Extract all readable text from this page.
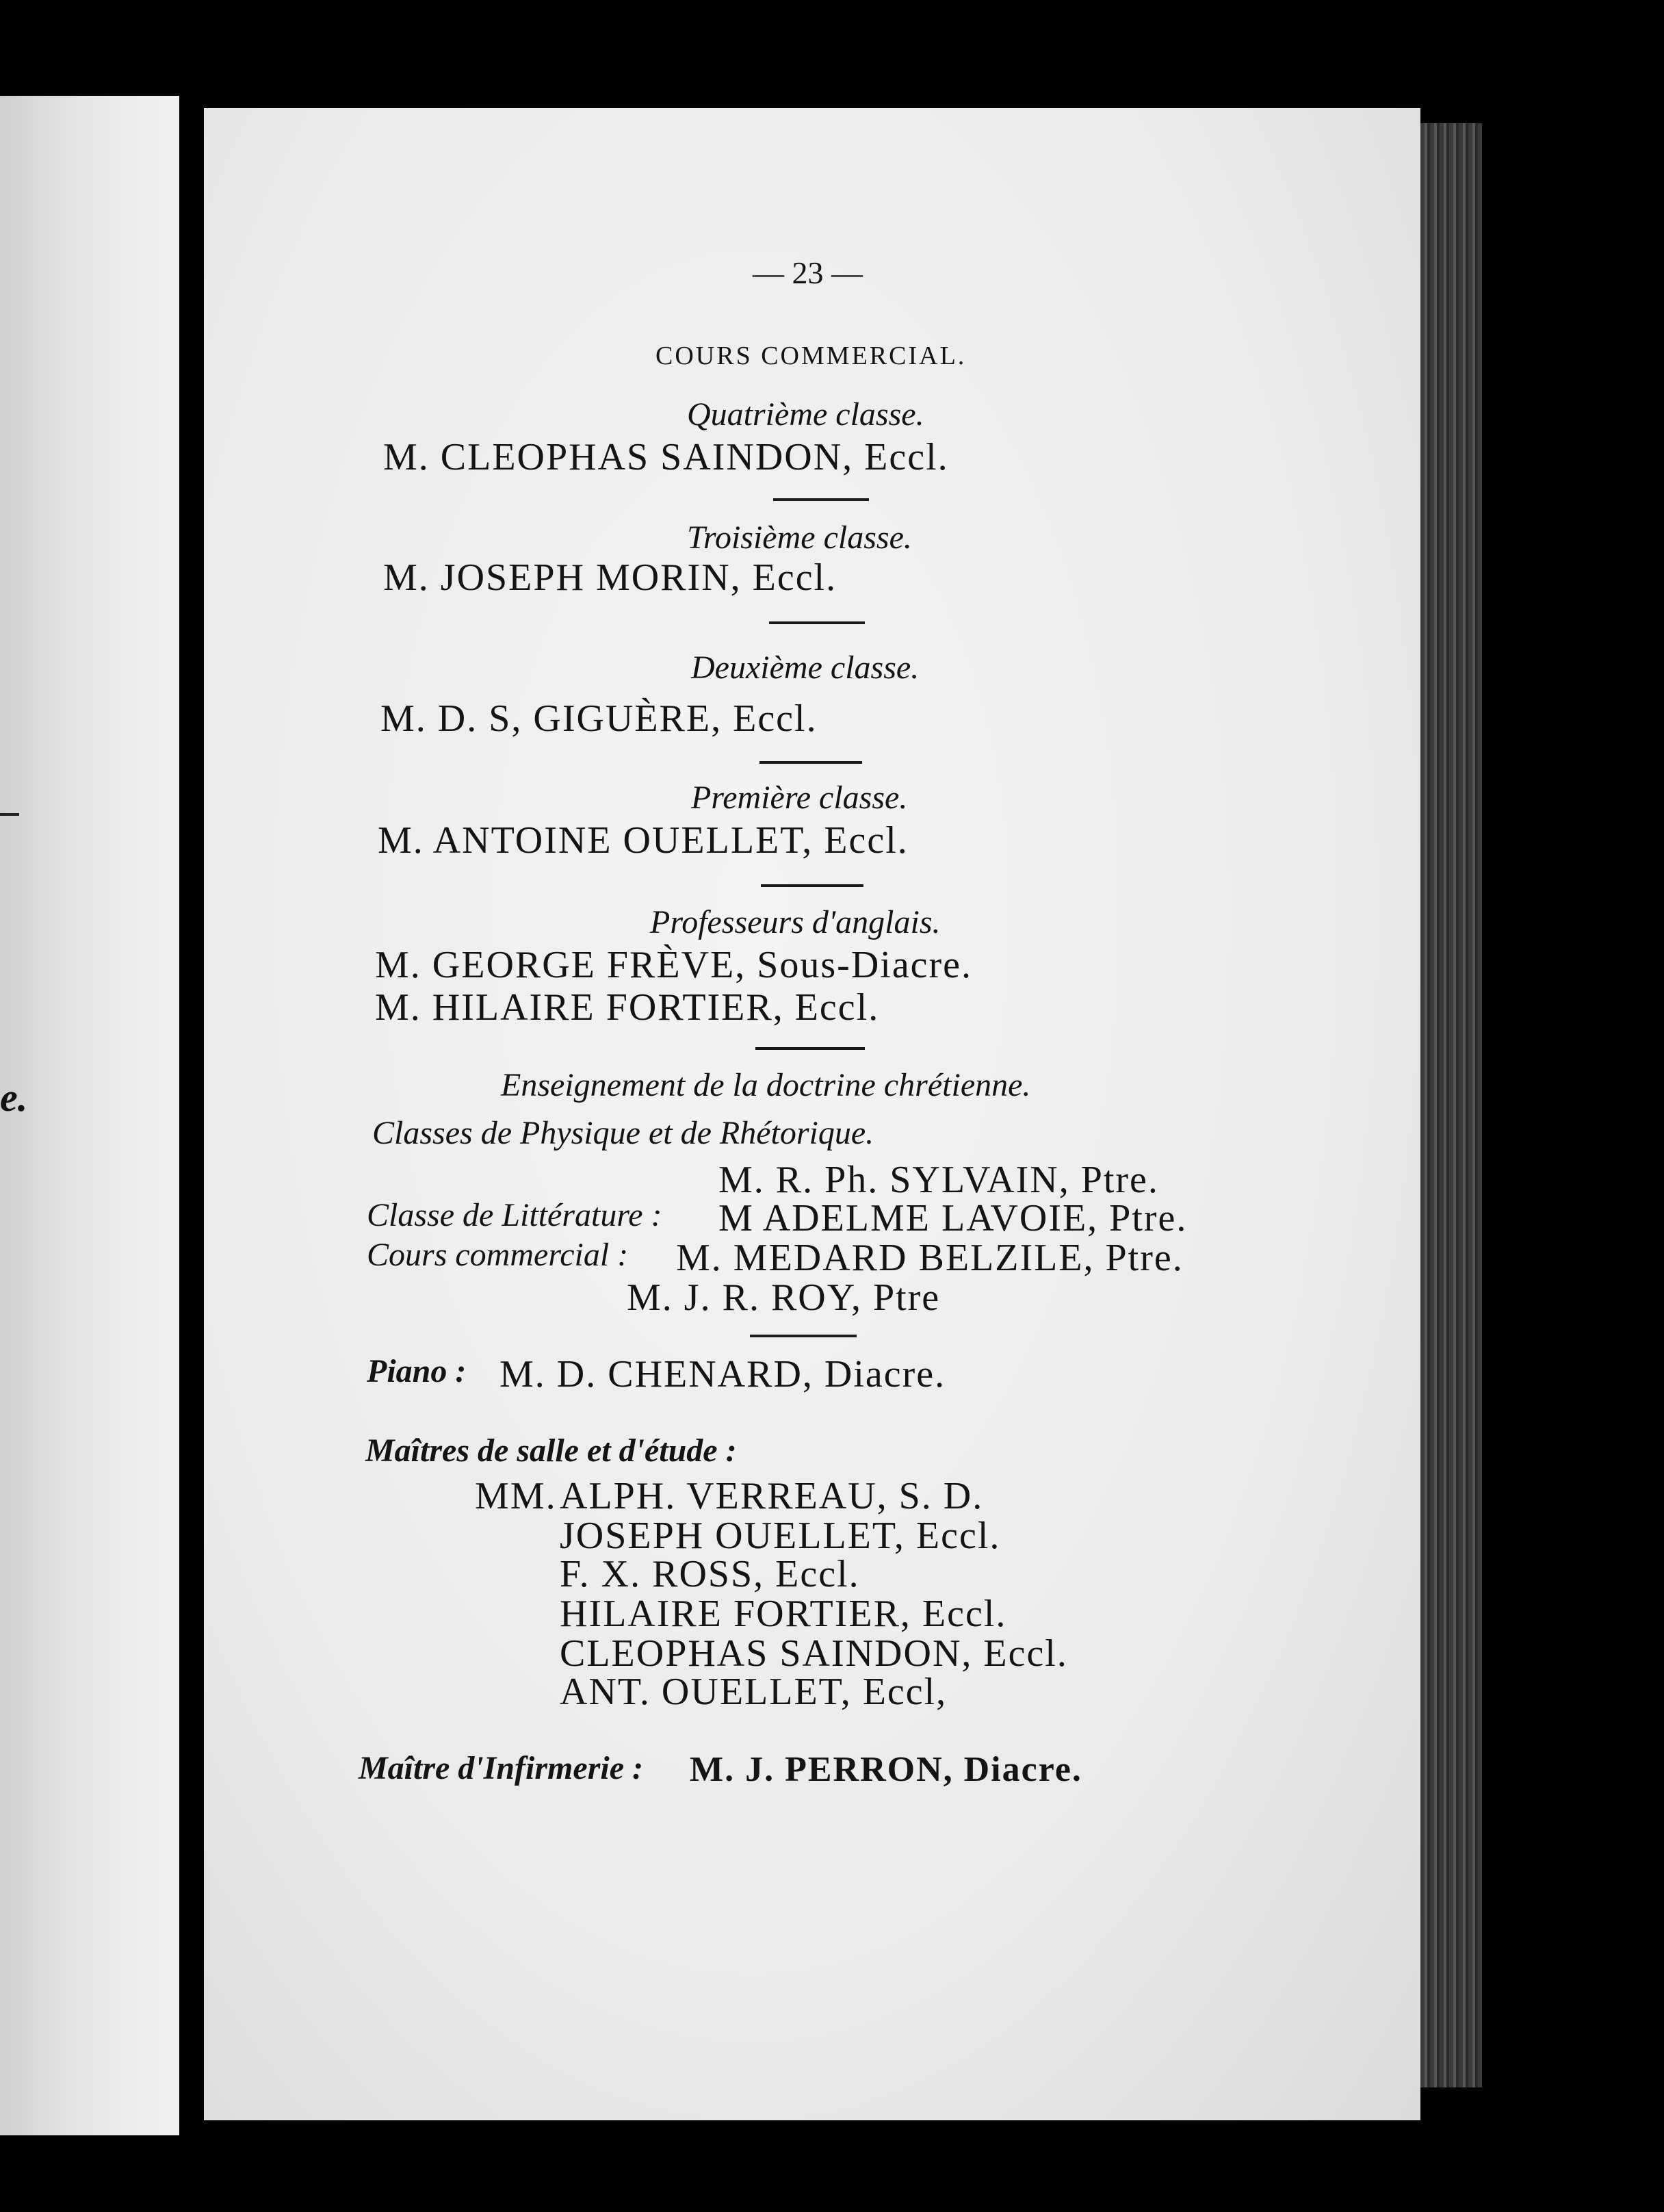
e.
— 23 —
COURS COMMERCIAL.
Quatrième classe.
M. CLEOPHAS SAINDON, Eccl.
Troisième classe.
M. JOSEPH MORIN, Eccl.
Deuxième classe.
M. D. S, GIGUÈRE, Eccl.
Première classe.
M. ANTOINE OUELLET, Eccl.
Professeurs d'anglais.
M. GEORGE FRÈVE, Sous-Diacre.
M. HILAIRE FORTIER, Eccl.
Enseignement de la doctrine chrétienne.
Classes de Physique et de Rhétorique.
M. R. Ph. SYLVAIN, Ptre.
Classe de Littérature : M ADELME LAVOIE, Ptre.
Cours commercial : M. MEDARD BELZILE, Ptre.
M. J. R. ROY, Ptre
Piano : M. D. CHENARD, Diacre.
Maîtres de salle et d'étude :
MM. ALPH. VERREAU, S. D.
JOSEPH OUELLET, Eccl.
F. X. ROSS, Eccl.
HILAIRE FORTIER, Eccl.
CLEOPHAS SAINDON, Eccl.
ANT. OUELLET, Eccl,
Maître d'Infirmerie : M. J. PERRON, Diacre.
